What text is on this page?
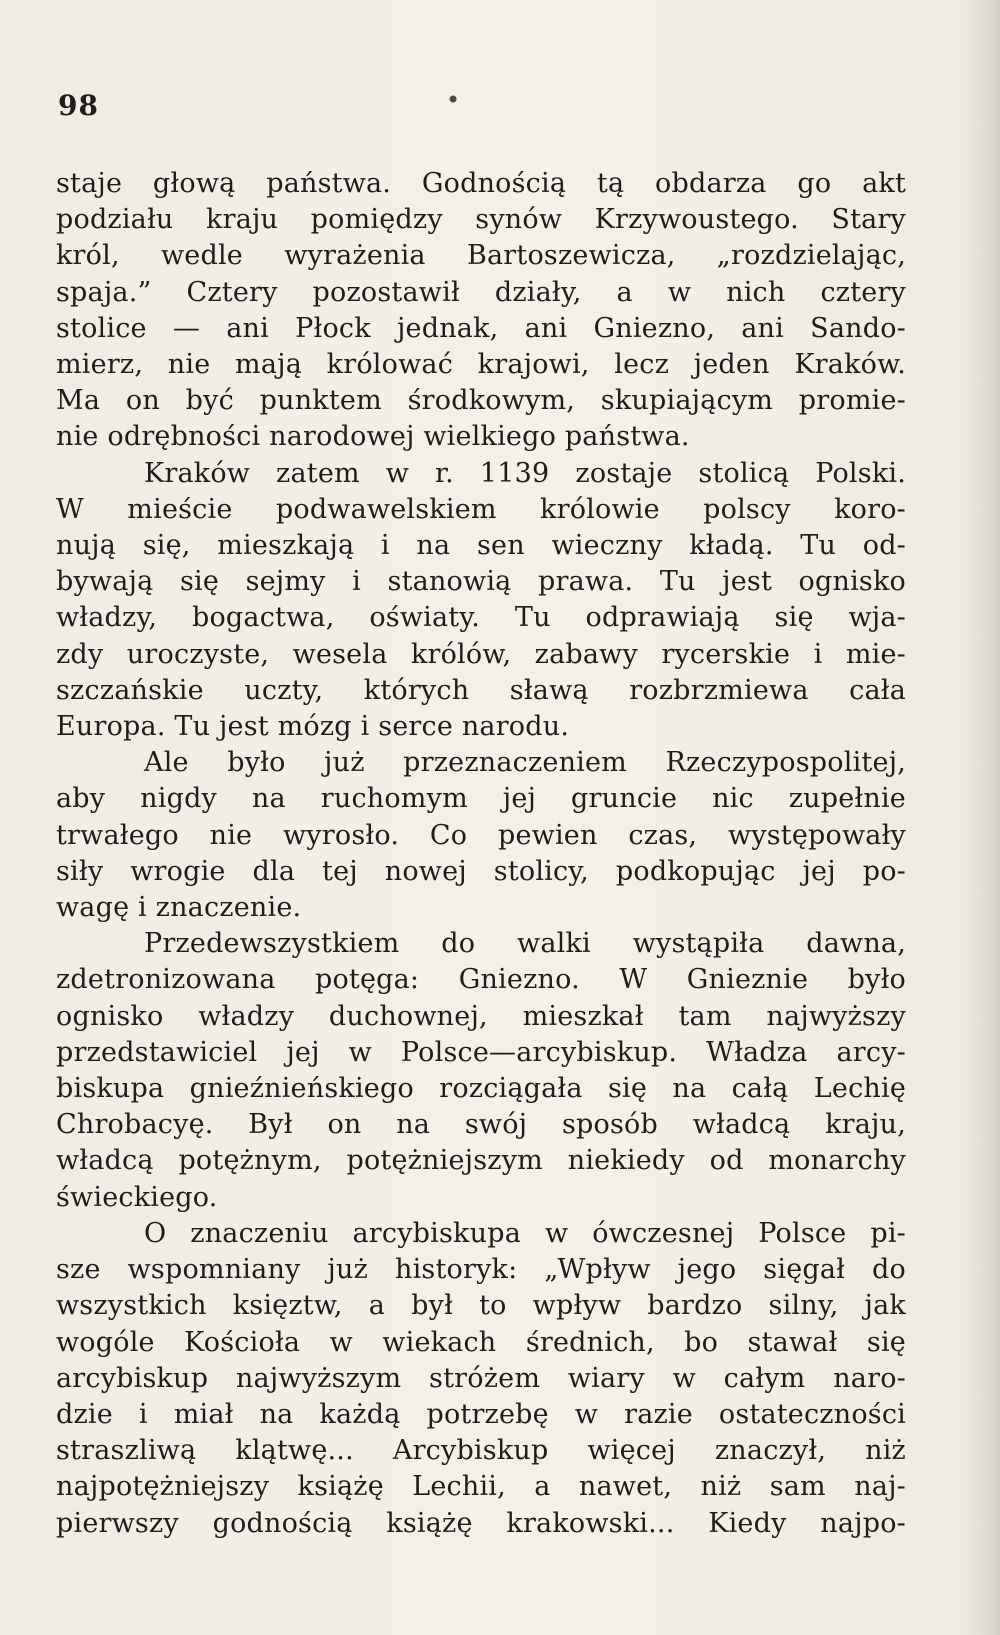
98	•
staje głową państwa. Godnością tą obdarza go akt
podziału kraju pomiędzy synów Krzywoustego. Stary
król, wedle wyrażenia Bartoszewicza, „rozdzielając,
spaja.” Cztery pozostawił działy, a w nich cztery
stolice — ani Płock jednak, ani Gniezno, ani Sando-
mierz, nie mają królować krajowi, lecz jeden Kraków.
Ma on być punktem środkowym, skupiającym promie-
nie odrębności narodowej wielkiego państwa.
Kraków zatem w r. 1139 zostaje stolicą Polski.
W mieście podwawelskiem królowie polscy koro-
nują się, mieszkają i na sen wieczny kładą. Tu od-
bywają się sejmy i stanowią prawa. Tu jest ognisko
władzy, bogactwa, oświaty. Tu odprawiają się wja-
zdy uroczyste, wesela królów, zabawy rycerskie i mie-
szczańskie uczty, których sławą rozbrzmiewa cała
Europa. Tu jest mózg i serce narodu.
Ale było już przeznaczeniem Rzeczypospolitej,
aby nigdy na ruchomym jej gruncie nic zupełnie
trwałego nie wyrosło. Co pewien czas, występowały
siły wrogie dla tej nowej stolicy, podkopując jej po-
wagę i znaczenie.
Przedewszystkiem do walki wystąpiła dawna,
zdetronizowana potęga: Gniezno. W Gnieznie było
ognisko władzy duchownej, mieszkał tam najwyższy
przedstawiciel jej w Polsce—arcybiskup. Władza arcy-
biskupa gnieźnieńskiego rozciągała się na całą Lechię
Chrobacyę. Był on na swój sposób władcą kraju,
władcą potężnym, potężniejszym niekiedy od monarchy
świeckiego.
O znaczeniu arcybiskupa w ówczesnej Polsce pi-
sze wspomniany już historyk: „Wpływ jego sięgał do
wszystkich księztw, a był to wpływ bardzo silny, jak
wogóle Kościoła w wiekach średnich, bo stawał się
arcybiskup najwyższym stróżem wiary w całym naro-
dzie i miał na każdą potrzebę w razie ostateczności
straszliwą klątwę... Arcybiskup więcej znaczył, niż
najpotężniejszy książę Lechii, a nawet, niż sam naj-
pierwszy godnością książę krakowski... Kiedy najpo-
